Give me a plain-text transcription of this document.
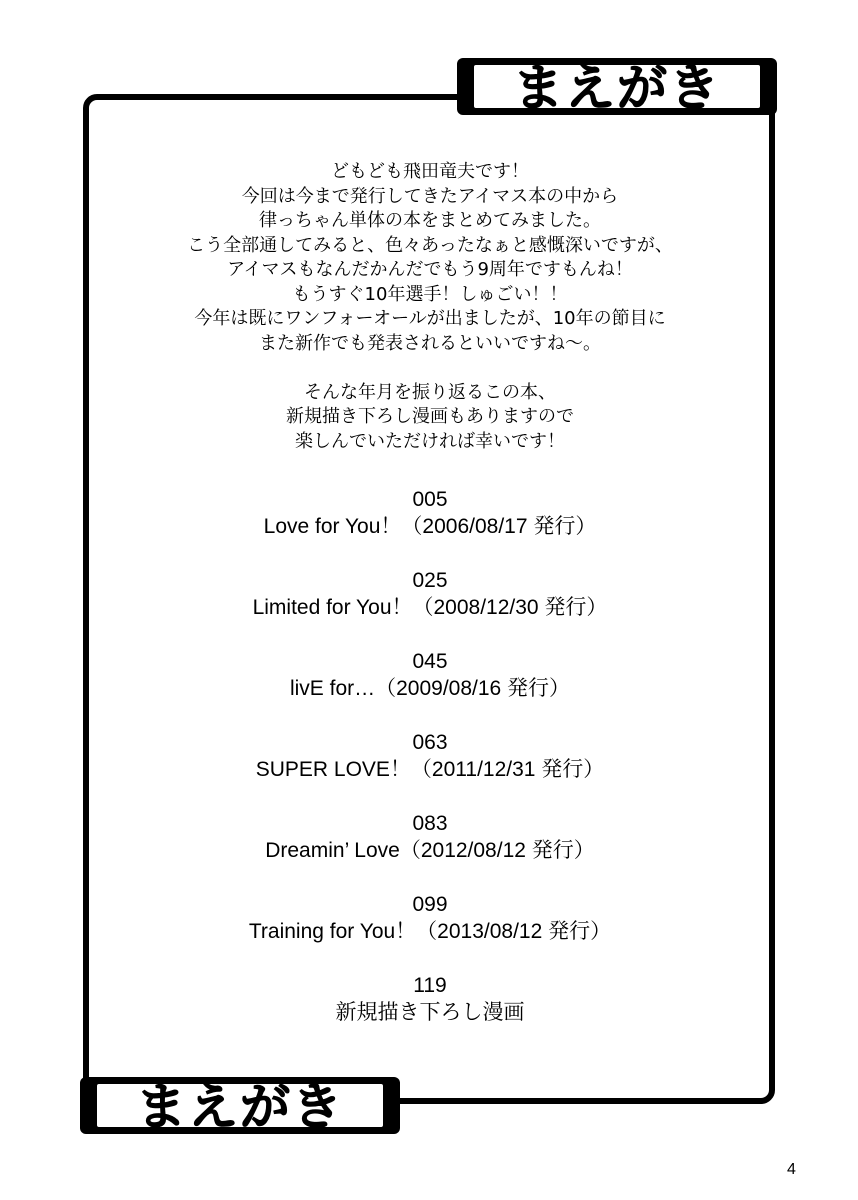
まえがき
どもども飛田竜夫です！
今回は今まで発行してきたアイマス本の中から
律っちゃん単体の本をまとめてみました。
こう全部通してみると、色々あったなぁと感慨深いですが、
アイマスもなんだかんだでもう9周年ですもんね！
もうすぐ10年選手！しゅごい！！
今年は既にワンフォーオールが出ましたが、10年の節目に
また新作でも発表されるといいですね～。
そんな年月を振り返るこの本、
新規描き下ろし漫画もありますので
楽しんでいただければ幸いです！
005
Love for You！（2006/08/17 発行）
025
Limited for You！（2008/12/30 発行）
045
livE for…（2009/08/16 発行）
063
SUPER LOVE！（2011/12/31 発行）
083
Dreamin’ Love（2012/08/12 発行）
099
Training for You！（2013/08/12 発行）
119
新規描き下ろし漫画
まえがき
4
